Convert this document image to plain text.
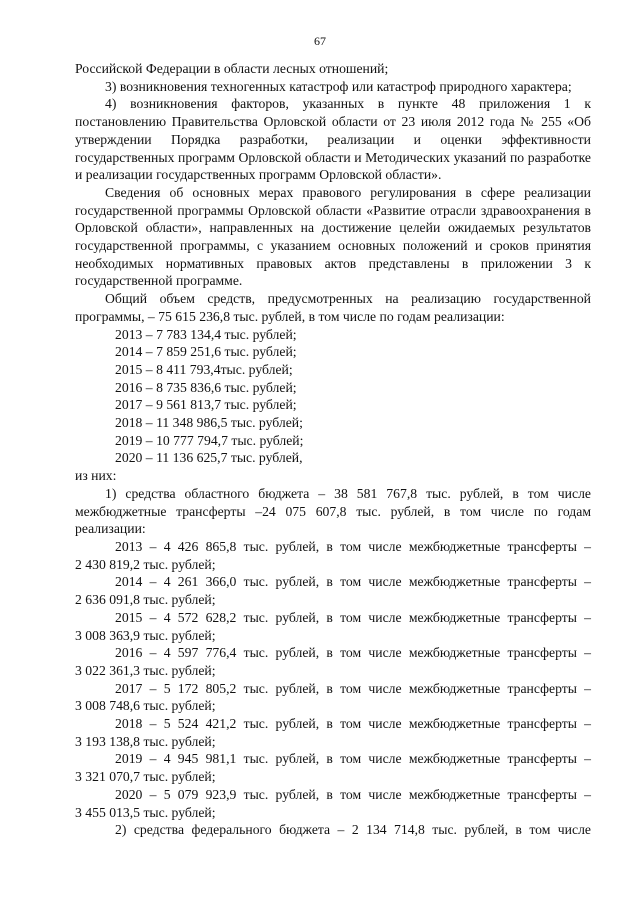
67

Российской Федерации в области лесных отношений;

3) возникновения техногенных катастроф или катастроф природного характера;

4) возникновения факторов, указанных в пункте 48 приложения 1 к постановлению Правительства Орловской области от 23 июля 2012 года № 255 «Об утверждении Порядка разработки, реализации и оценки эффективности государственных программ Орловской области и Методических указаний по разработке и реализации государственных программ Орловской области».

Сведения об основных мерах правового регулирования в сфере реализации государственной программы Орловской области «Развитие отрасли здравоохранения в Орловской области», направленных на достижение целейи ожидаемых результатов государственной программы, с указанием основных положений и сроков принятия необходимых нормативных правовых актов представлены в приложении 3 к государственной программе.

Общий объем средств, предусмотренных на реализацию государственной программы, – 75 615 236,8 тыс. рублей, в том числе по годам реализации:

2013 – 7 783 134,4 тыс. рублей;

2014 – 7 859 251,6 тыс. рублей;

2015 – 8 411 793,4тыс. рублей;

2016 – 8 735 836,6 тыс. рублей;

2017 – 9 561 813,7 тыс. рублей;

2018 – 11 348 986,5 тыс. рублей;

2019 – 10 777 794,7 тыс. рублей;

2020 – 11 136 625,7 тыс. рублей,

из них:

1) средства областного бюджета – 38 581 767,8 тыс. рублей, в том числе межбюджетные трансферты –24 075 607,8 тыс. рублей, в том числе по годам реализации:

2013 – 4 426 865,8 тыс. рублей, в том числе межбюджетные трансферты –

2 430 819,2 тыс. рублей;

2014 – 4 261 366,0 тыс. рублей, в том числе межбюджетные трансферты –

2 636 091,8 тыс. рублей;

2015 – 4 572 628,2 тыс. рублей, в том числе межбюджетные трансферты –

3 008 363,9 тыс. рублей;

2016 – 4 597 776,4 тыс. рублей, в том числе межбюджетные трансферты –

3 022 361,3 тыс. рублей;

2017 – 5 172 805,2 тыс. рублей, в том числе межбюджетные трансферты –

3 008 748,6 тыс. рублей;

2018 – 5 524 421,2 тыс. рублей, в том числе межбюджетные трансферты –

3 193 138,8 тыс. рублей;

2019 – 4 945 981,1 тыс. рублей, в том числе межбюджетные трансферты –

3 321 070,7 тыс. рублей;

2020 – 5 079 923,9 тыс. рублей, в том числе межбюджетные трансферты –

3 455 013,5 тыс. рублей;

2) средства федерального бюджета – 2 134 714,8 тыс. рублей, в том числе
